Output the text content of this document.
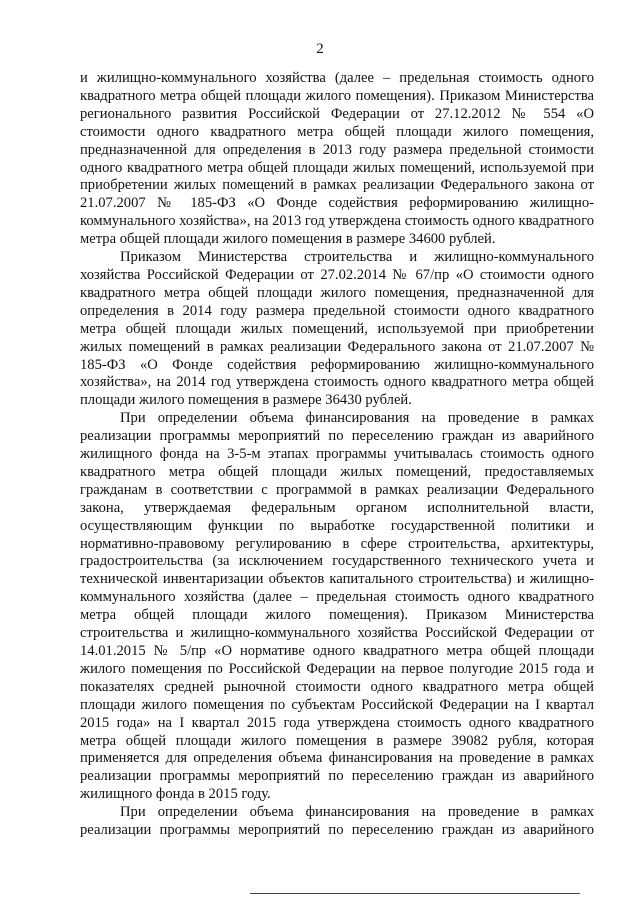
2

и жилищно-коммунального хозяйства (далее – предельная стоимость одного квадратного метра общей площади жилого помещения). Приказом Министерства регионального развития Российской Федерации от 27.12.2012 № 554 «О стоимости одного квадратного метра общей площади жилого помещения, предназначенной для определения в 2013 году размера предельной стоимости одного квадратного метра общей площади жилых помещений, используемой при приобретении жилых помещений в рамках реализации Федерального закона от 21.07.2007 № 185-ФЗ «О Фонде содействия реформированию жилищно-коммунального хозяйства», на 2013 год утверждена стоимость одного квадратного метра общей площади жилого помещения в размере 34600 рублей.

Приказом Министерства строительства и жилищно-коммунального хозяйства Российской Федерации от 27.02.2014 № 67/пр «О стоимости одного квадратного метра общей площади жилого помещения, предназначенной для определения в 2014 году размера предельной стоимости одного квадратного метра общей площади жилых помещений, используемой при приобретении жилых помещений в рамках реализации Федерального закона от 21.07.2007 № 185-ФЗ «О Фонде содействия реформированию жилищно-коммунального хозяйства», на 2014 год утверждена стоимость одного квадратного метра общей площади жилого помещения в размере 36430 рублей.

При определении объема финансирования на проведение в рамках реализации программы мероприятий по переселению граждан из аварийного жилищного фонда на 3-5-м этапах программы учитывалась стоимость одного квадратного метра общей площади жилых помещений, предоставляемых гражданам в соответствии с программой в рамках реализации Федерального закона, утверждаемая федеральным органом исполнительной власти, осуществляющим функции по выработке государственной политики и нормативно-правовому регулированию в сфере строительства, архитектуры, градостроительства (за исключением государственного технического учета и технической инвентаризации объектов капитального строительства) и жилищно-коммунального хозяйства (далее – предельная стоимость одного квадратного метра общей площади жилого помещения). Приказом Министерства строительства и жилищно-коммунального хозяйства Российской Федерации от 14.01.2015 № 5/пр «О нормативе одного квадратного метра общей площади жилого помещения по Российской Федерации на первое полугодие 2015 года и показателях средней рыночной стоимости одного квадратного метра общей площади жилого помещения по субъектам Российской Федерации на I квартал 2015 года» на I квартал 2015 года утверждена стоимость одного квадратного метра общей площади жилого помещения в размере 39082 рубля, которая применяется для определения объема финансирования на проведение в рамках реализации программы мероприятий по переселению граждан из аварийного жилищного фонда в 2015 году.

При определении объема финансирования на проведение в рамках реализации программы мероприятий по переселению граждан из аварийного
